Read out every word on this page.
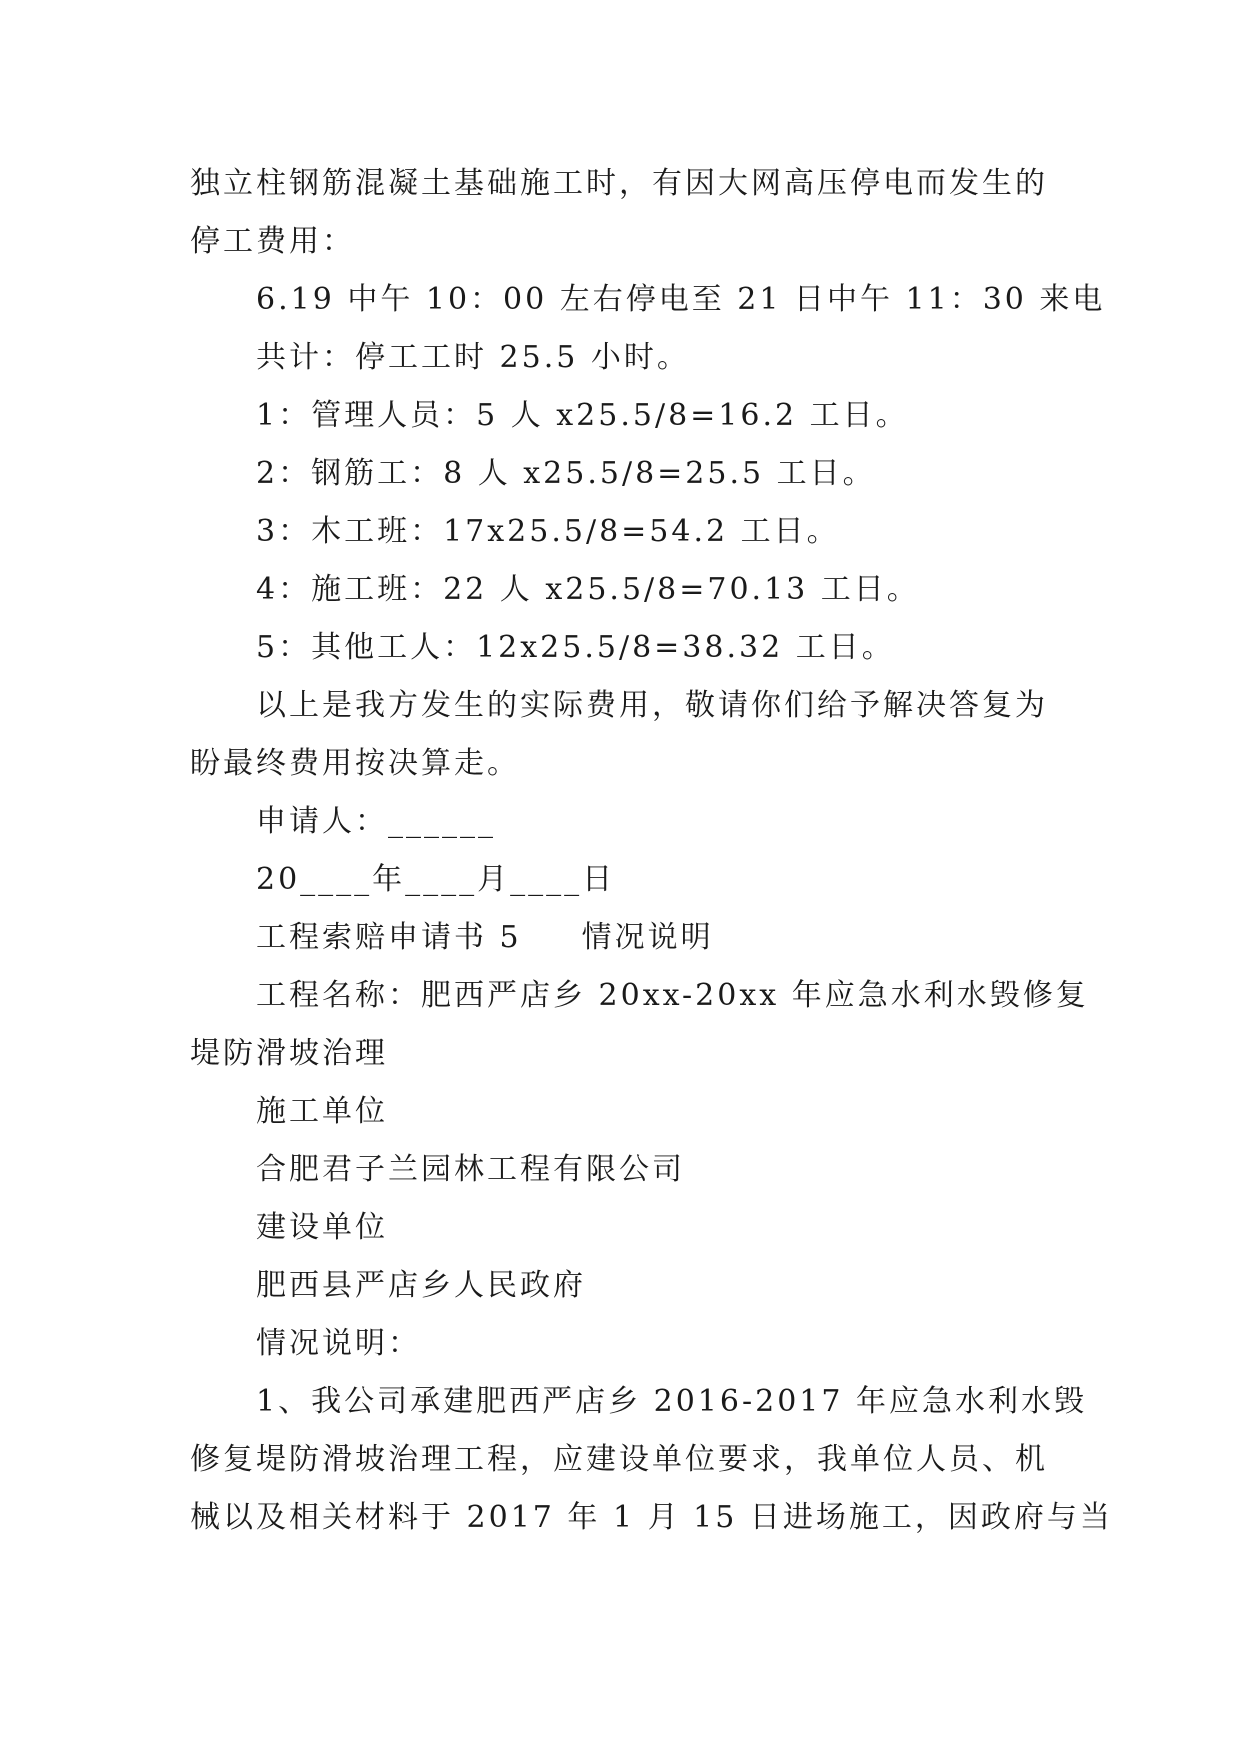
独立柱钢筋混凝土基础施工时，有因大网高压停电而发生的
停工费用：
6.19 中午 10：00 左右停电至 21 日中午 11：30 来电
共计：停工工时 25.5 小时。
1：管理人员：5 人 x25.5/8=16.2 工日。
2：钢筋工：8 人 x25.5/8=25.5 工日。
3：木工班：17x25.5/8=54.2 工日。
4：施工班：22 人 x25.5/8=70.13 工日。
5：其他工人：12x25.5/8=38.32 工日。
以上是我方发生的实际费用，敬请你们给予解决答复为
盼最终费用按决算走。
申请人：______
20____年____月____日
工程索赔申请书 5 情况说明
工程名称：肥西严店乡 20xx-20xx 年应急水利水毁修复
堤防滑坡治理
施工单位
合肥君子兰园林工程有限公司
建设单位
肥西县严店乡人民政府
情况说明：
1、我公司承建肥西严店乡 2016-2017 年应急水利水毁
修复堤防滑坡治理工程，应建设单位要求，我单位人员、机
械以及相关材料于 2017 年 1 月 15 日进场施工，因政府与当
